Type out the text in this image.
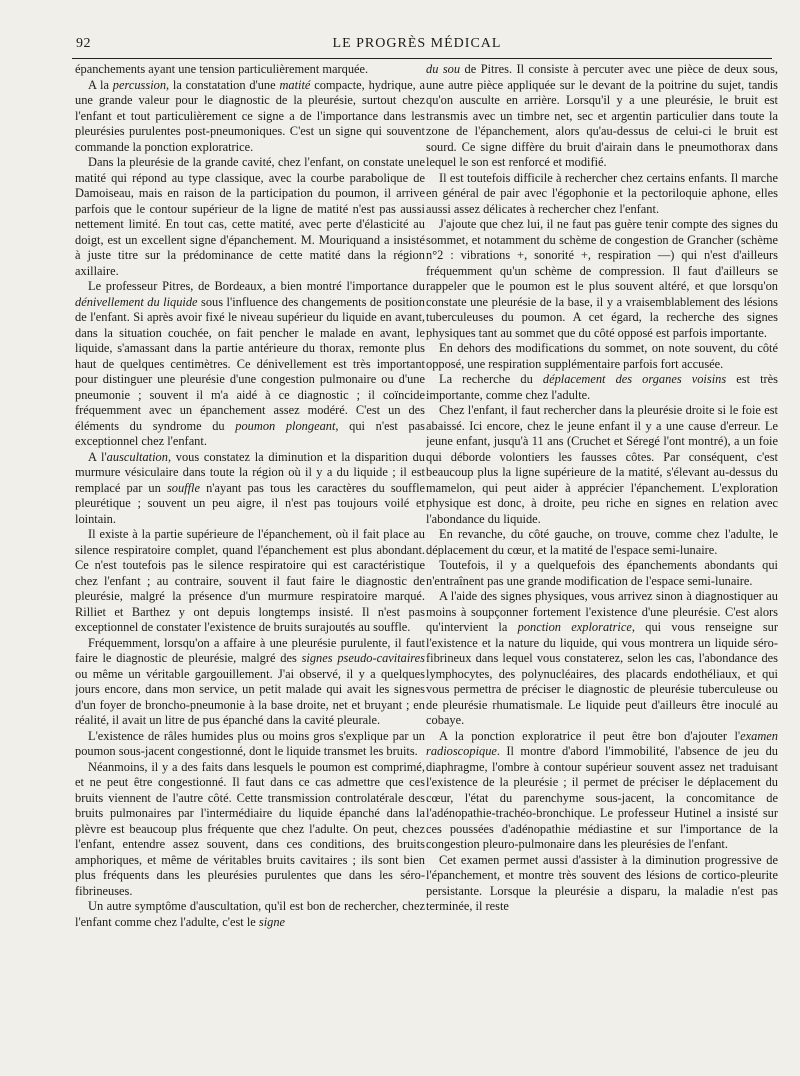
92	LE PROGRÈS MÉDICAL

épanchements ayant une tension particulièrement marquée.

A la percussion, la constatation d'une matité compacte, hydrique, a une grande valeur pour le diagnostic de la pleurésie, surtout chez l'enfant et tout particulièrement ce signe a de l'importance dans les pleurésies purulentes post-pneumoniques. C'est un signe qui souvent commande la ponction exploratrice.

Dans la pleurésie de la grande cavité, chez l'enfant, on constate une matité qui répond au type classique, avec la courbe parabolique de Damoiseau, mais en raison de la participation du poumon, il arrive parfois que le contour supérieur de la ligne de matité n'est pas aussi nettement limité. En tout cas, cette matité, avec perte d'élasticité au doigt, est un excellent signe d'épanchement. M. Mouriquand a insisté à juste titre sur la prédominance de cette matité dans la région axillaire.

Le professeur Pitres, de Bordeaux, a bien montré l'importance du dénivellement du liquide sous l'influence des changements de position de l'enfant. Si après avoir fixé le niveau supérieur du liquide en avant, dans la situation couchée, on fait pencher le malade en avant, le liquide, s'amassant dans la partie antérieure du thorax, remonte plus haut de quelques centimètres. Ce dénivellement est très important pour distinguer une pleurésie d'une congestion pulmonaire ou d'une pneumonie ; souvent il m'a aidé à ce diagnostic ; il coïncide fréquemment avec un épanchement assez modéré. C'est un des éléments du syndrome du poumon plongeant, qui n'est pas exceptionnel chez l'enfant.

A l'auscultation, vous constatez la diminution et la disparition du murmure vésiculaire dans toute la région où il y a du liquide ; il est remplacé par un souffle n'ayant pas tous les caractères du souffle pleurétique ; souvent un peu aigre, il n'est pas toujours voilé et lointain.

Il existe à la partie supérieure de l'épanchement, où il fait place au silence respiratoire complet, quand l'épanchement est plus abondant. Ce n'est toutefois pas le silence respiratoire qui est caractéristique chez l'enfant ; au contraire, souvent il faut faire le diagnostic de pleurésie, malgré la présence d'un murmure respiratoire marqué. Rilliet et Barthez y ont depuis longtemps insisté. Il n'est pas exceptionnel de constater l'existence de bruits surajoutés au souffle.

Fréquemment, lorsqu'on a affaire à une pleurésie purulente, il faut faire le diagnostic de pleurésie, malgré des signes pseudo-cavitaires ou même un véritable gargouillement. J'ai observé, il y a quelques jours encore, dans mon service, un petit malade qui avait les signes d'un foyer de broncho-pneumonie à la base droite, net et bruyant ; en réalité, il avait un litre de pus épanché dans la cavité pleurale.

L'existence de râles humides plus ou moins gros s'explique par un poumon sous-jacent congestionné, dont le liquide transmet les bruits.

Néanmoins, il y a des faits dans lesquels le poumon est comprimé, et ne peut être congestionné. Il faut dans ce cas admettre que ces bruits viennent de l'autre côté. Cette transmission controlatérale des bruits pulmonaires par l'intermédiaire du liquide épanché dans la plèvre est beaucoup plus fréquente que chez l'adulte. On peut, chez l'enfant, entendre assez souvent, dans ces conditions, des bruits amphoriques, et même de véritables bruits cavitaires ; ils sont bien plus fréquents dans les pleurésies purulentes que dans les séro-fibrineuses.

Un autre symptôme d'auscultation, qu'il est bon de rechercher, chez l'enfant comme chez l'adulte, c'est le signe

du sou de Pitres. Il consiste à percuter avec une pièce de deux sous, une autre pièce appliquée sur le devant de la poitrine du sujet, tandis qu'on ausculte en arrière. Lorsqu'il y a une pleurésie, le bruit est transmis avec un timbre net, sec et argentin particulier dans toute la zone de l'épanchement, alors qu'au-dessus de celui-ci le bruit est sourd. Ce signe diffère du bruit d'airain dans le pneumothorax dans lequel le son est renforcé et modifié.

Il est toutefois difficile à rechercher chez certains enfants. Il marche en général de pair avec l'égophonie et la pectoriloquie aphone, elles aussi assez délicates à rechercher chez l'enfant.

J'ajoute que chez lui, il ne faut pas guère tenir compte des signes du sommet, et notamment du schème de congestion de Grancher (schème n°2 : vibrations +, sonorité +, respiration —) qui n'est d'ailleurs fréquemment qu'un schème de compression. Il faut d'ailleurs se rappeler que le poumon est le plus souvent altéré, et que lorsqu'on constate une pleurésie de la base, il y a vraisemblablement des lésions tuberculeuses du poumon. A cet égard, la recherche des signes physiques tant au sommet que du côté opposé est parfois importante.

En dehors des modifications du sommet, on note souvent, du côté opposé, une respiration supplémentaire parfois fort accusée.

La recherche du déplacement des organes voisins est très importante, comme chez l'adulte.

Chez l'enfant, il faut rechercher dans la pleurésie droite si le foie est abaissé. Ici encore, chez le jeune enfant il y a une cause d'erreur. Le jeune enfant, jusqu'à 11 ans (Cruchet et Séregé l'ont montré), a un foie qui déborde volontiers les fausses côtes. Par conséquent, c'est beaucoup plus la ligne supérieure de la matité, s'élevant au-dessus du mamelon, qui peut aider à apprécier l'épanchement. L'exploration physique est donc, à droite, peu riche en signes en relation avec l'abondance du liquide.

En revanche, du côté gauche, on trouve, comme chez l'adulte, le déplacement du cœur, et la matité de l'espace semi-lunaire.

Toutefois, il y a quelquefois des épanchements abondants qui n'entraînent pas une grande modification de l'espace semi-lunaire.

A l'aide des signes physiques, vous arrivez sinon à diagnostiquer au moins à soupçonner fortement l'existence d'une pleurésie. C'est alors qu'intervient la ponction exploratrice, qui vous renseigne sur l'existence et la nature du liquide, qui vous montrera un liquide séro-fibrineux dans lequel vous constaterez, selon les cas, l'abondance des lymphocytes, des polynucléaires, des placards endothéliaux, et qui vous permettra de préciser le diagnostic de pleurésie tuberculeuse ou de pleurésie rhumatismale. Le liquide peut d'ailleurs être inoculé au cobaye.

A la ponction exploratrice il peut être bon d'ajouter l'examen radioscopique. Il montre d'abord l'immobilité, l'absence de jeu du diaphragme, l'ombre à contour supérieur souvent assez net traduisant l'existence de la pleurésie ; il permet de préciser le déplacement du cœur, l'état du parenchyme sous-jacent, la concomitance de l'adénopathie-trachéo-bronchique. Le professeur Hutinel a insisté sur ces poussées d'adénopathie médiastine et sur l'importance de la congestion pleuro-pulmonaire dans les pleurésies de l'enfant.

Cet examen permet aussi d'assister à la diminution progressive de l'épanchement, et montre très souvent des lésions de cortico-pleurite persistante. Lorsque la pleurésie a disparu, la maladie n'est pas terminée, il reste
